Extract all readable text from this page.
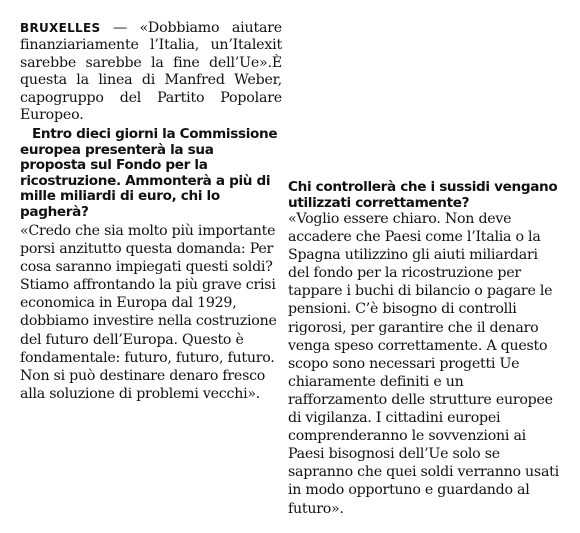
BRUXELLES — «Dobbiamo aiutare finanziariamente l’Italia, un’Italexit sarebbe sarebbe la fine dell’Ue».È questa la linea di Manfred Weber, capogruppo del Partito Popolare Europeo.

Entro dieci giorni la Commissione europea presenterà la sua proposta sul Fondo per la ricostruzione. Ammonterà a più di mille miliardi di euro, chi lo pagherà?

«Credo che sia molto più importante porsi anzitutto questa domanda: Per cosa saranno impiegati questi soldi? Stiamo affrontando la più grave crisi economica in Europa dal 1929, dobbiamo investire nella costruzione del futuro dell’Europa. Questo è fondamentale: futuro, futuro, futuro. Non si può destinare denaro fresco alla soluzione di problemi vecchi».

Chi controllerà che i sussidi vengano utilizzati correttamente?

«Voglio essere chiaro. Non deve accadere che Paesi come l’Italia o la Spagna utilizzino gli aiuti miliardari del fondo per la ricostruzione per tappare i buchi di bilancio o pagare le pensioni. C’è bisogno di controlli rigorosi, per garantire che il denaro venga speso correttamente. A questo scopo sono necessari progetti Ue chiaramente definiti e un rafforzamento delle strutture europee di vigilanza. I cittadini europei comprenderanno le sovvenzioni ai Paesi bisognosi dell’Ue solo se sapranno che quei soldi verranno usati in modo opportuno e guardando al futuro».
